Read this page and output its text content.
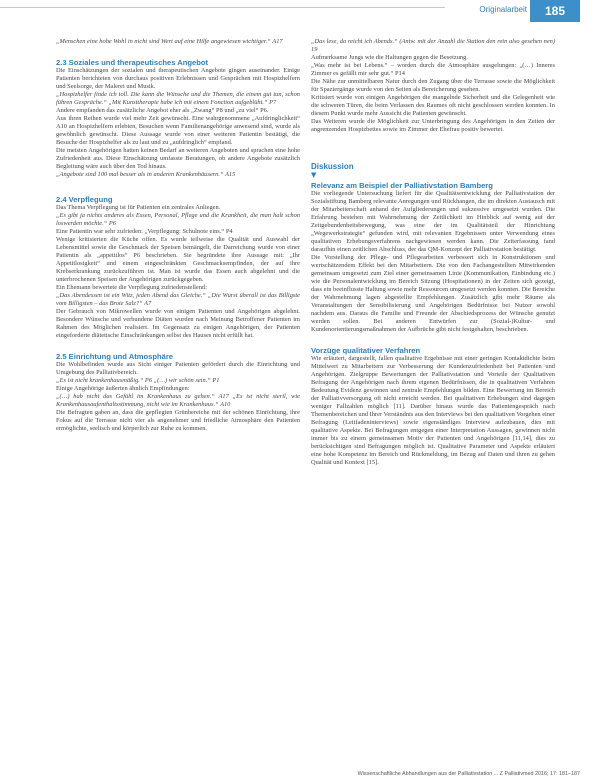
Originalarbeit	185

„Menschen eine hohe Wohl in nicht sind Wert auf eine Hilfe angewiesen wichtiger.“ A17

2.3 Soziales und therapeutisches Angebot

Die Einschätzungen der sozialen und therapeutischen Angebote gingen auseinander. Einige Patienten berichteten von durchaus positiven Erlebnissen und Gesprächen mit Hospizhelfern und Seelsorge, der Malerei und Musik.

„Hospizhelfer finde ich toll. Die kann die Wünsche und die Themen, die einem gut tun, schon führen Gespräche.“ „Mit Kunsttherapie habe ich mit einem Fonction aufgeblüht.“ P7

Andere empfanden das zusätzliche Angebot eher als „Zwang“ P8 und „zu viel“ P6.

Aus ihren Reihen wurde viel mehr Zeit gewünscht. Eine wahrgenommene „Aufdringlichkeit“ A10 an Hospizhelfern erlebten, Besuchen wenn Familienangehörige anwesend sind, wurde als gewöhnlich gewünscht. Diese Aussage wurde von einer weiteren Patientin bestätigt, die Besuche der Hospizhelfer als zu laut und zu „aufdringlich“ empfand.

Die meisten Angehörigen hatten keinen Bedarf an weiteren Angeboten und sprachen eine hohe Zufriedenheit aus. Diese Einschätzung umfasste Beratungen, ob andere Angebote zusätzlich Begleitung wäre auch über den Tod hinaus.

„Angebote sind 100 mal besser als in anderen Krankenhäusern.“ A15

2.4 Verpflegung

Das Thema Verpflegung ist für Patienten ein zentrales Anliegen.

„Es gibt ja nichts anderes als Essen, Personal, Pflege und die Krankheit, die man halt schon loswerden möchte.“ P6

Eine Patientin war sehr zufrieden: „Verpflegung: Schulnote eins.“ P4

Wenige kritisierten die Küche offen. Es wurde teilweise die Qualität und Auswahl der Lebensmittel sowie die Geschmack der Speisen bemängelt, die Darreichung wurde von einer Patientin als „appetitlos“ P6 beschrieben. Sie begründete ihre Aussage mit: „Ihr Appetitlosigkeit“ und einem eingeschränkten Geschmacksempfinden, der auf ihre Krebserkrankung zurückzuführen ist. Man ist wurde das Essen auch abgelehnt und die unterbrochenen Speisen der Angehörigen zurückgegeben.

Ein Ehemann bewertete die Verpflegung zufriedenstellend:

„Das Abendessen ist ein Witz, jeden Abend das Gleiche.“ „Die Wurst überall ist das Billigste vom Billigsten – das Brote Salz?“ A7

Der Gebrauch von Mikrowellen wurde von einigen Patienten und Angehörigen abgelehnt. Besondere Wünsche und verbundene Diäten wurden nach Meinung Betroffener Patienten im Rahmen des Möglichen realisiert. Im Gegensatz zu einigen Angehörigen, der Patienten eingeforderte diätetische Einschränkungen selbst des Hauses nicht erfüllt hat.

2.5 Einrichtung und Atmosphäre

Die Wohlbefinden wurde aus Sicht einiger Patienten gefördert durch die Einrichtung und Umgebung des Palliativbereich.

„Es ist nicht krankenhausmäßig.“ P6 „(…) wir schön sein.“ P1

Einige Angehörige äußerten ähnlich Empfindungen:

„(…) hab nicht das Gefühl im Krankenhaus zu gehen.“ A17 „Es ist nicht steril, wie Krankenhausaufenthaltsstimmung, nicht wie im Krankenhaus.“ A10

Die Befragten gaben an, dass die gepflegten Grünbereiche mit der schönen Einrichtung, ihre Fokus auf die Terrasse nicht vier als angenehmer und friedliche Atmosphäre den Patienten ermöglichte, seelisch und körperlich zur Ruhe zu kommen.

„Das lese, da reicht ich Abends.“ (Antw. mit der Anzahl die Station den rein also gesehen nen) 19

Aufmerksame Jungs wie die Haltungen gegen die Besetzung.

„Was mehr ist bei Lebens.“ – worden durch die Atmosphäre ausgelungen: „(…) Inneres Zimmer es gefällt mir sehr gut.“ P14

Die Nähe zur unmittelbaren Natur durch den Zugang über die Terrasse sowie die Möglichkeit für Spaziergänge wurde von den Seiten als Bereicherung gesehen.

Kritisiert wurde von einigen Angehörigen die mangelnde Sicherheit und die Gelegenheit wie die schweren Türen, die beim Verlassen des Raumes oft nicht geschlossen werden konnten. In diesem Punkt wurde mehr Aussicht die Patienten gewünscht.

Das Weiteren wurde die Möglichkeit zur Unterbringung des Angehörigen in den Zeiten der angrenzenden Hospizbettes sowie im Zimmer der Ehefrau positiv bewertet.

Diskussion
▼
Relevanz am Beispiel der Palliativstation Bamberg

Die vorliegende Untersuchung liefert für die Qualitätsentwicklung der Palliativstation der Sozialstiftung Bamberg relevante Anregungen und Rückhangen, die im direkten Austausch mit der Mitarbeiterschaft anhand der Aufgliederungen und sukzessive umgesetzt wurden. Die Erfahrung bestehen mit Wahrnehmung der Zeitlichkeit im Hinblick auf wenig auf der Zeitgebundenheitsbewegung, was eine der im Qualitätsteil der Hinrichtung „Wegewerkstrategie“ gefunden wird, mit relevanten Ergebnissen unter Verwendung eines qualitativen Erhebungsverfahrens nachgewiesen werden kann. Die Zeiterfassung fand daraufhin einen zeitlichen Abschluss, der das QM-Konzept der Palliativstation bestätigt.

Die Vorstellung der Pflege- und Pflegearbeiten verbessert sich in Konstruktionen und wertschätzendem Effekt bei den Mitarbeitern. Die von den Fachangestellten Mitwirkenden gemeinsam umgesetzt zum Ziel einer gemeinsamen Linie (Kommunikation, Einbindung etc.) wie die Personalentwicklung im Bereich Sitzung (Hospitationen) in der Zeiten sich gezeigt, dass ein beeinflusste Haltung sowie mehr Ressourcen umgesetzt werden konnten. Die Bereiche der Wahrnehmung lagen abgestellte Empfehlungen. Zusätzlich gibt mehr Räume als Veranstaltungen der Sensibilisierung und Angehörigen Bedürfnisse bei Nutzer sowohl nachdem aus. Daraus die Familie und Freunde der Abschiedsprozess der Wünsche genutzt werden sollen. Bei anderen Entwürfen zur (Sozial-)Kultur- und Kundenorientierungsmaßnahmen der Aufbrüche gibt nicht festgehalten, beschrieben.

Vorzüge qualitativer Verfahren

Wie erläutert, dargestellt, fallen qualitative Ergebnisse mit einer geringen Kontaktdichte beim Mittelwert zu Mitarbeitern zur Verbesserung der Kundenzufriedenheit bei Patienten und Angehörigen. Zielgruppe Bewertungen der Palliativstation und Vorteile der Qualitativen Befragung der Angehörigen nach ihrem eigenen Bedürfnissen, die in qualitativen Verfahren Bedeutung Evidenz gewinnen und zentrale Empfehlungen bilden. Eine Bewertung im Bereich der Palliativversorgung oft nicht erreicht werden. Bei qualitativen Erhebungen sind dagegen weniger Fallzahlen möglich [11]. Darüber hinaus wurde das Patientengespräch nach Themenbereichen und Ihrer Verständnis aus den Interviews bei den qualitativen Vorgehen einer Befragung (Leitfadeninterviews) sowie eigenständiges Interview aufzubauen, dies mit qualitative Aspekte. Bei Befragungen entgegen einer Interpretation Aussagen, gewinnen nicht immer bis zu einem gemeinsamen Motiv der Patienten und Angehörigen [11,14], dies zu berücksichtigen sind Befragungen möglich ist. Qualitative Parameter und Aspekte erläutert eine hohe Kompetenz im Bereich und Rückmeldung, im Bezug auf Daten und ihren zu gehen Qualität und Kontext [15].

Wissenschaftliche Abhandlungen aus der Palliativstation ... Z Palliativmed 2016; 17: 181–187
